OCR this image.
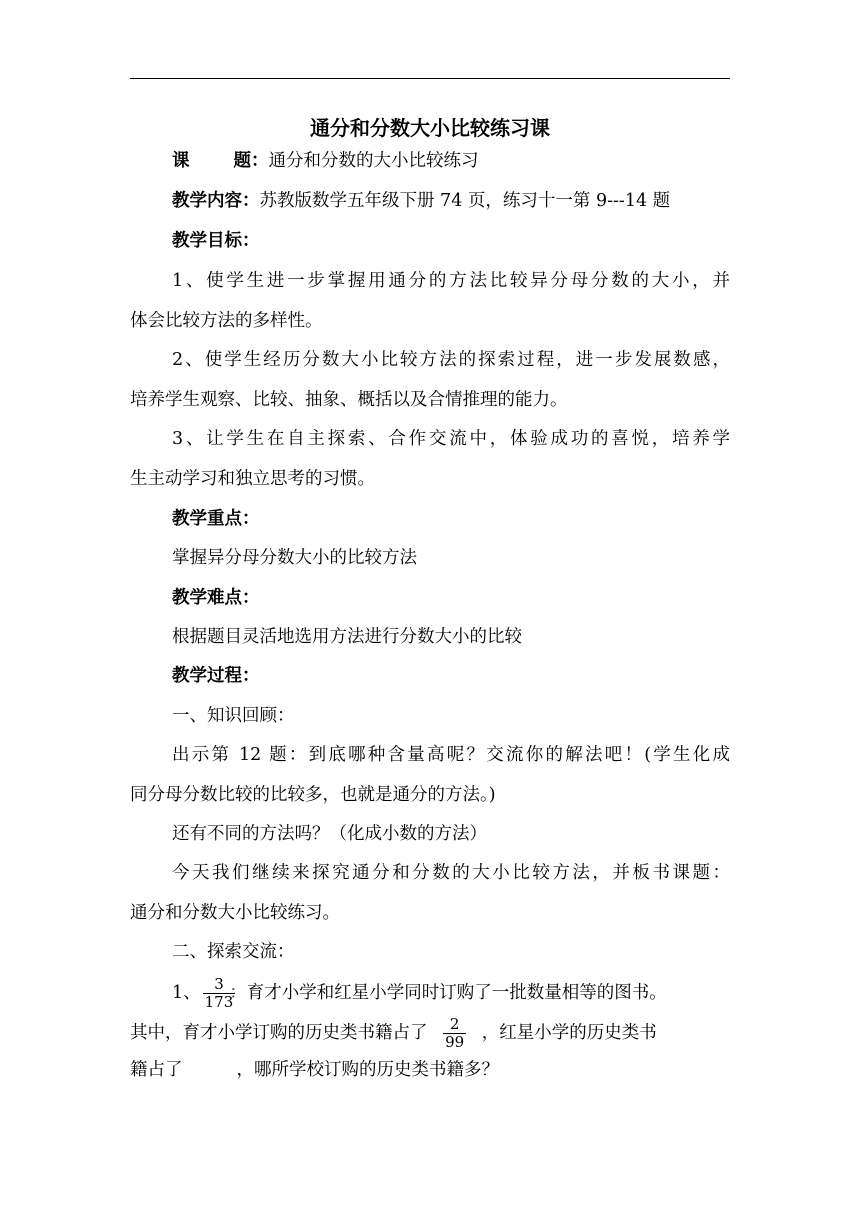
通分和分数大小比较练习课
课	题：通分和分数的大小比较练习
教学内容：苏教版数学五年级下册 74 页，练习十一第 9---14 题
教学目标：
1、使学生进一步掌握用通分的方法比较异分母分数的大小，并
体会比较方法的多样性。
2、使学生经历分数大小比较方法的探索过程，进一步发展数感，
培养学生观察、比较、抽象、概括以及合情推理的能力。
3、让学生在自主探索、合作交流中，体验成功的喜悦，培养学
生主动学习和独立思考的习惯。
教学重点：
掌握异分母分数大小的比较方法
教学难点：
根据题目灵活地选用方法进行分数大小的比较
教学过程：
一、知识回顾：
出示第 12 题：到底哪种含量高呢？交流你的解法吧！(学生化成
同分母分数比较的比较多，也就是通分的方法。)
还有不同的方法吗？（化成小数的方法）
今天我们继续来探究通分和分数的大小比较方法，并板书课题：
通分和分数大小比较练习。
二、探索交流：
1、 $\frac{3}{173}$
：育才小学和红星小学同时订购了一批数量相等的图书。
其中，育才小学订购的历史类书籍占了 $\frac{2}{99}$ ，红星小学的历史类书
籍占了	，哪所学校订购的历史类书籍多？
